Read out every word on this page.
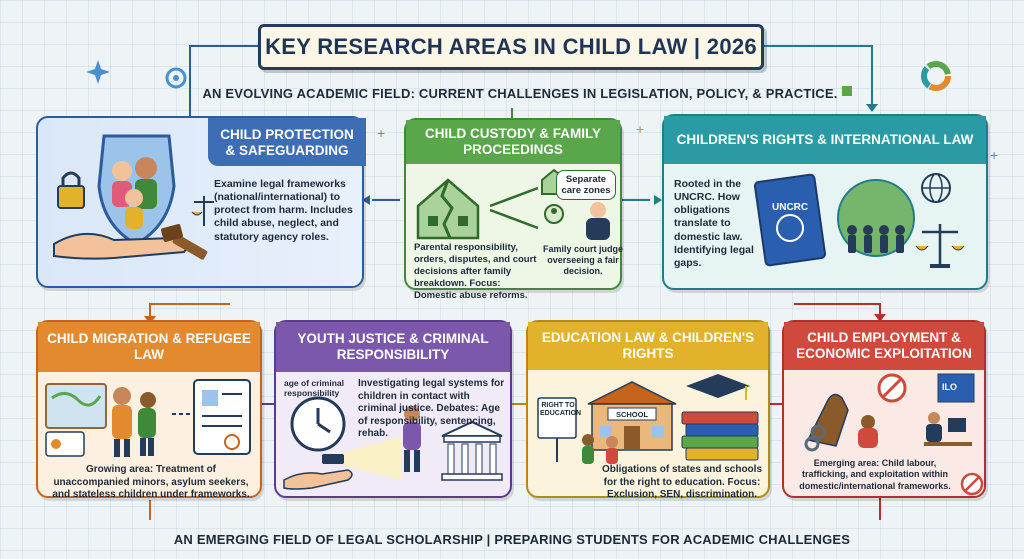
+	+
+
KEY RESEARCH AREAS IN CHILD LAW | 2026
AN EVOLVING ACADEMIC FIELD: CURRENT CHALLENGES IN LEGISLATION, POLICY, & PRACTICE.
CHILD PROTECTION & SAFEGUARDING
Examine legal frameworks (national/international) to protect from harm. Includes child abuse, neglect, and statutory agency roles.
CHILD CUSTODY & FAMILY PROCEEDINGS
Separate care zones
Family court judge overseeing a fair decision.
Parental responsibility, orders, disputes, and court decisions after family breakdown. Focus: Domestic abuse reforms.
CHILDREN'S RIGHTS & INTERNATIONAL LAW
Rooted in the UNCRC. How obligations translate to domestic law. Identifying legal gaps.
UNCRC
CHILD MIGRATION & REFUGEE LAW
Growing area: Treatment of unaccompanied minors, asylum seekers, and stateless children under frameworks.
YOUTH JUSTICE & CRIMINAL RESPONSIBILITY
age of criminal responsibility
Investigating legal systems for children in contact with criminal justice. Debates: Age of responsibility, sentencing, rehab.
EDUCATION LAW & CHILDREN'S RIGHTS
RIGHT TO EDUCATION	SCHOOL
Obligations of states and schools for the right to education. Focus: Exclusion, SEN, discrimination.
CHILD EMPLOYMENT & ECONOMIC EXPLOITATION
ILO
Emerging area: Child labour, trafficking, and exploitation within domestic/international frameworks.
AN EMERGING FIELD OF LEGAL SCHOLARSHIP | PREPARING STUDENTS FOR ACADEMIC CHALLENGES
